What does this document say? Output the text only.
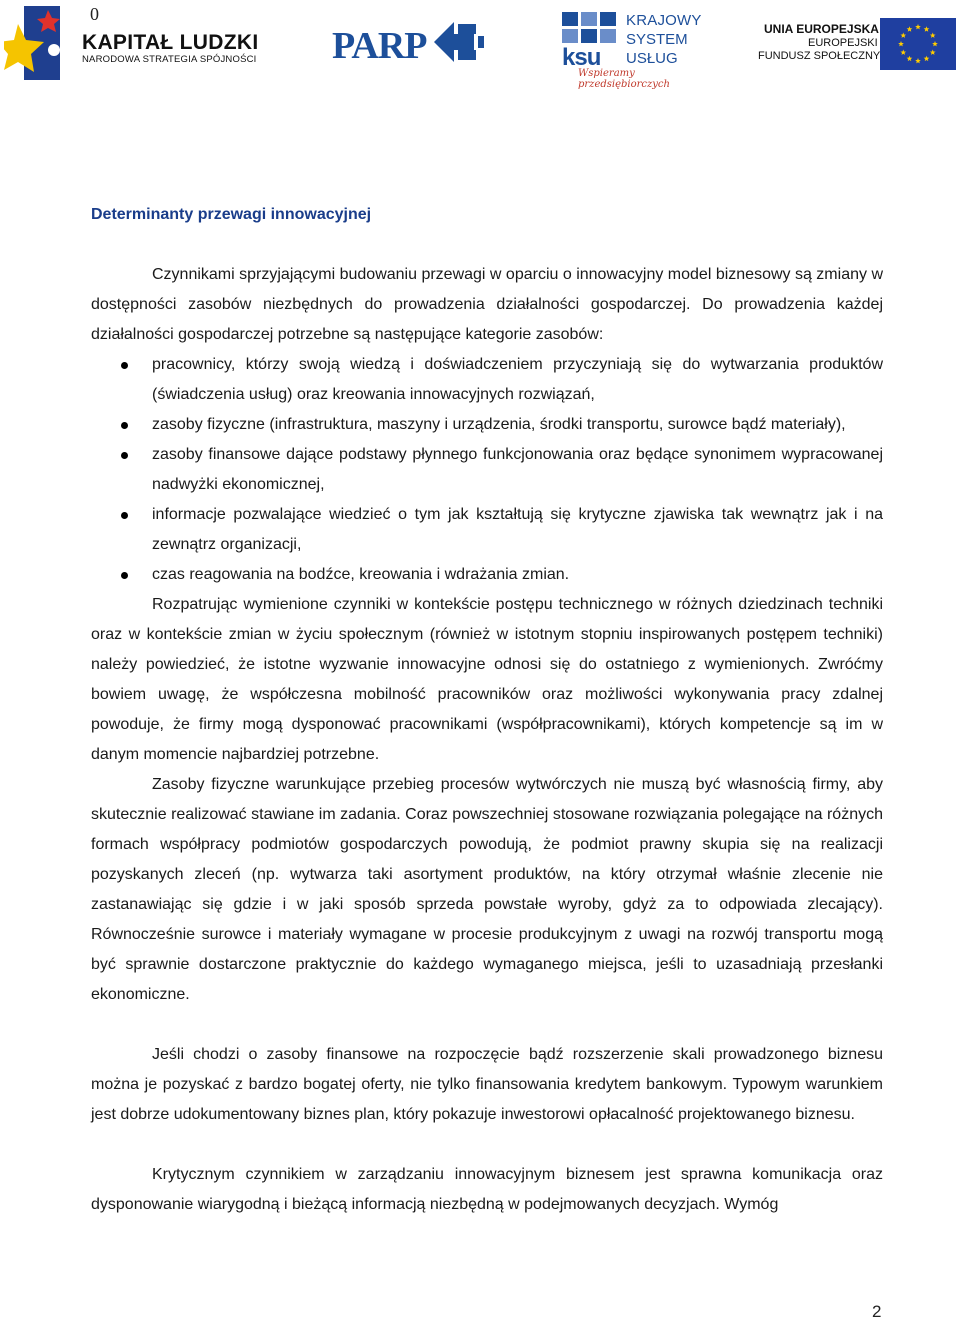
0
KAPITAŁ LUDZKI
NARODOWA STRATEGIA SPÓJNOŚCI PARP	ksu
KRAJOWY
SYSTEM
USŁUG
Wspieramy przedsiębiorczych
UNIA EUROPEJSKA
EUROPEJSKI
FUNDUSZ SPOŁECZNY
Determinanty przewagi innowacyjnej

Czynnikami sprzyjającymi budowaniu przewagi w oparciu o innowacyjny model biznesowy są zmiany w dostępności zasobów niezbędnych do prowadzenia działalności gospodarczej. Do prowadzenia każdej działalności gospodarczej potrzebne są następujące kategorie zasobów:

pracownicy, którzy swoją wiedzą i doświadczeniem przyczyniają się do wytwarzania produktów (świadczenia usług) oraz kreowania innowacyjnych rozwiązań,
zasoby fizyczne (infrastruktura, maszyny i urządzenia, środki transportu, surowce bądź materiały),
zasoby finansowe dające podstawy płynnego funkcjonowania oraz będące synonimem wypracowanej nadwyżki ekonomicznej,
informacje pozwalające wiedzieć o tym jak kształtują się krytyczne zjawiska tak wewnątrz jak i na zewnątrz organizacji,
czas reagowania na bodźce, kreowania i wdrażania zmian.

Rozpatrując wymienione czynniki w kontekście postępu technicznego w różnych dziedzinach techniki oraz w kontekście zmian w życiu społecznym (również w istotnym stopniu inspirowanych postępem techniki) należy powiedzieć, że istotne wyzwanie innowacyjne odnosi się do ostatniego z wymienionych. Zwróćmy bowiem uwagę, że współczesna mobilność pracowników oraz możliwości wykonywania pracy zdalnej powoduje, że firmy mogą dysponować pracownikami (współpracownikami), których kompetencje są im w danym momencie najbardziej potrzebne.

Zasoby fizyczne warunkujące przebieg procesów wytwórczych nie muszą być własnością firmy, aby skutecznie realizować stawiane im zadania. Coraz powszechniej stosowane rozwiązania polegające na różnych formach współpracy podmiotów gospodarczych powodują, że podmiot prawny skupia się na realizacji pozyskanych zleceń (np. wytwarza taki asortyment produktów, na który otrzymał właśnie zlecenie nie zastanawiając się gdzie i w jaki sposób sprzeda powstałe wyroby, gdyż za to odpowiada zlecający). Równocześnie surowce i materiały wymagane w procesie produkcyjnym z uwagi na rozwój transportu mogą być sprawnie dostarczone praktycznie do każdego wymaganego miejsca, jeśli to uzasadniają przesłanki ekonomiczne.

Jeśli chodzi o zasoby finansowe na rozpoczęcie bądź rozszerzenie skali prowadzonego biznesu można je pozyskać z bardzo bogatej oferty, nie tylko finansowania kredytem bankowym. Typowym warunkiem jest dobrze udokumentowany biznes plan, który pokazuje inwestorowi opłacalność projektowanego biznesu.

Krytycznym czynnikiem w zarządzaniu innowacyjnym biznesem jest sprawna komunikacja oraz dysponowanie wiarygodną i bieżącą informacją niezbędną w podejmowanych decyzjach. Wymóg

2
